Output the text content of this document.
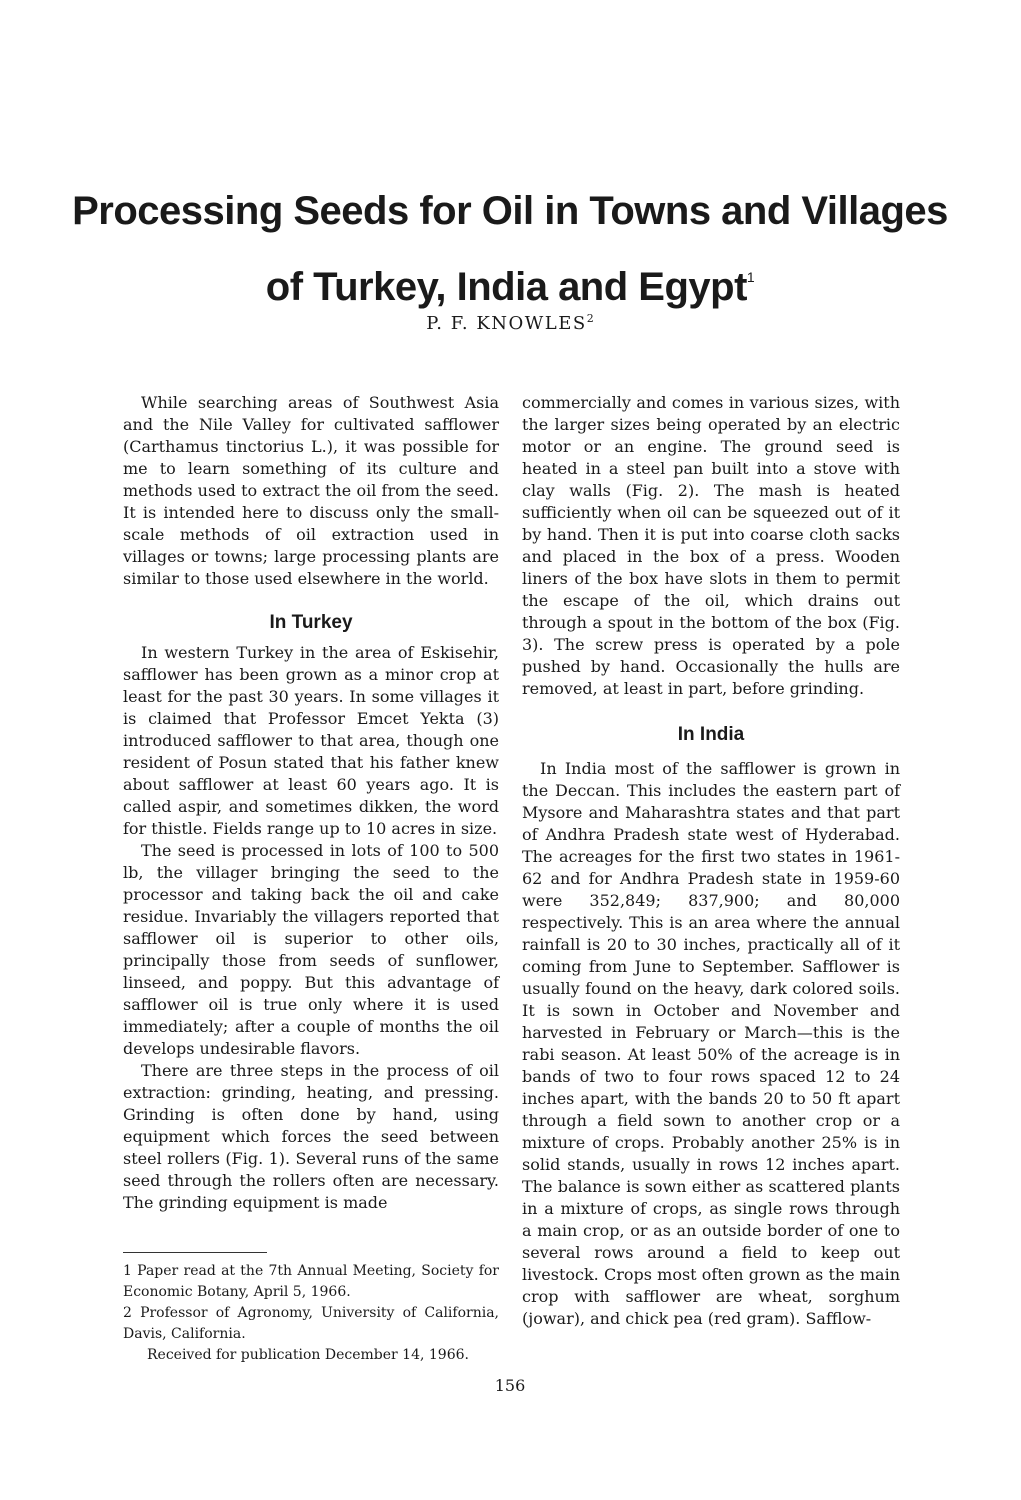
Processing Seeds for Oil in Towns and Villages
of Turkey, India and Egypt$^1$

P. F. KNOWLES$^2$

While searching areas of Southwest Asia and the Nile Valley for cultivated safflower (Carthamus tinctorius L.), it was possible for me to learn something of its culture and methods used to extract the oil from the seed. It is intended here to discuss only the small-scale methods of oil extraction used in villages or towns; large processing plants are similar to those used elsewhere in the world.

In Turkey

In western Turkey in the area of Eskisehir, safflower has been grown as a minor crop at least for the past 30 years. In some villages it is claimed that Professor Emcet Yekta (3) introduced safflower to that area, though one resident of Posun stated that his father knew about safflower at least 60 years ago. It is called aspir, and sometimes dikken, the word for thistle. Fields range up to 10 acres in size.

The seed is processed in lots of 100 to 500 lb, the villager bringing the seed to the processor and taking back the oil and cake residue. Invariably the villagers reported that safflower oil is superior to other oils, principally those from seeds of sunflower, linseed, and poppy. But this advantage of safflower oil is true only where it is used immediately; after a couple of months the oil develops undesirable flavors.

There are three steps in the process of oil extraction: grinding, heating, and pressing. Grinding is often done by hand, using equipment which forces the seed between steel rollers (Fig. 1). Several runs of the same seed through the rollers often are necessary. The grinding equipment is made

1 Paper read at the 7th Annual Meeting, Society for Economic Botany, April 5, 1966.

2 Professor of Agronomy, University of California, Davis, California.

Received for publication December 14, 1966.

commercially and comes in various sizes, with the larger sizes being operated by an electric motor or an engine. The ground seed is heated in a steel pan built into a stove with clay walls (Fig. 2). The mash is heated sufficiently when oil can be squeezed out of it by hand. Then it is put into coarse cloth sacks and placed in the box of a press. Wooden liners of the box have slots in them to permit the escape of the oil, which drains out through a spout in the bottom of the box (Fig. 3). The screw press is operated by a pole pushed by hand. Occasionally the hulls are removed, at least in part, before grinding.

In India

In India most of the safflower is grown in the Deccan. This includes the eastern part of Mysore and Maharashtra states and that part of Andhra Pradesh state west of Hyderabad. The acreages for the first two states in 1961-62 and for Andhra Pradesh state in 1959-60 were 352,849; 837,900; and 80,000 respectively. This is an area where the annual rainfall is 20 to 30 inches, practically all of it coming from June to September. Safflower is usually found on the heavy, dark colored soils. It is sown in October and November and harvested in February or March—this is the rabi season. At least 50% of the acreage is in bands of two to four rows spaced 12 to 24 inches apart, with the bands 20 to 50 ft apart through a field sown to another crop or a mixture of crops. Probably another 25% is in solid stands, usually in rows 12 inches apart. The balance is sown either as scattered plants in a mixture of crops, as single rows through a main crop, or as an outside border of one to several rows around a field to keep out livestock. Crops most often grown as the main crop with safflower are wheat, sorghum (jowar), and chick pea (red gram). Safflow-

156
